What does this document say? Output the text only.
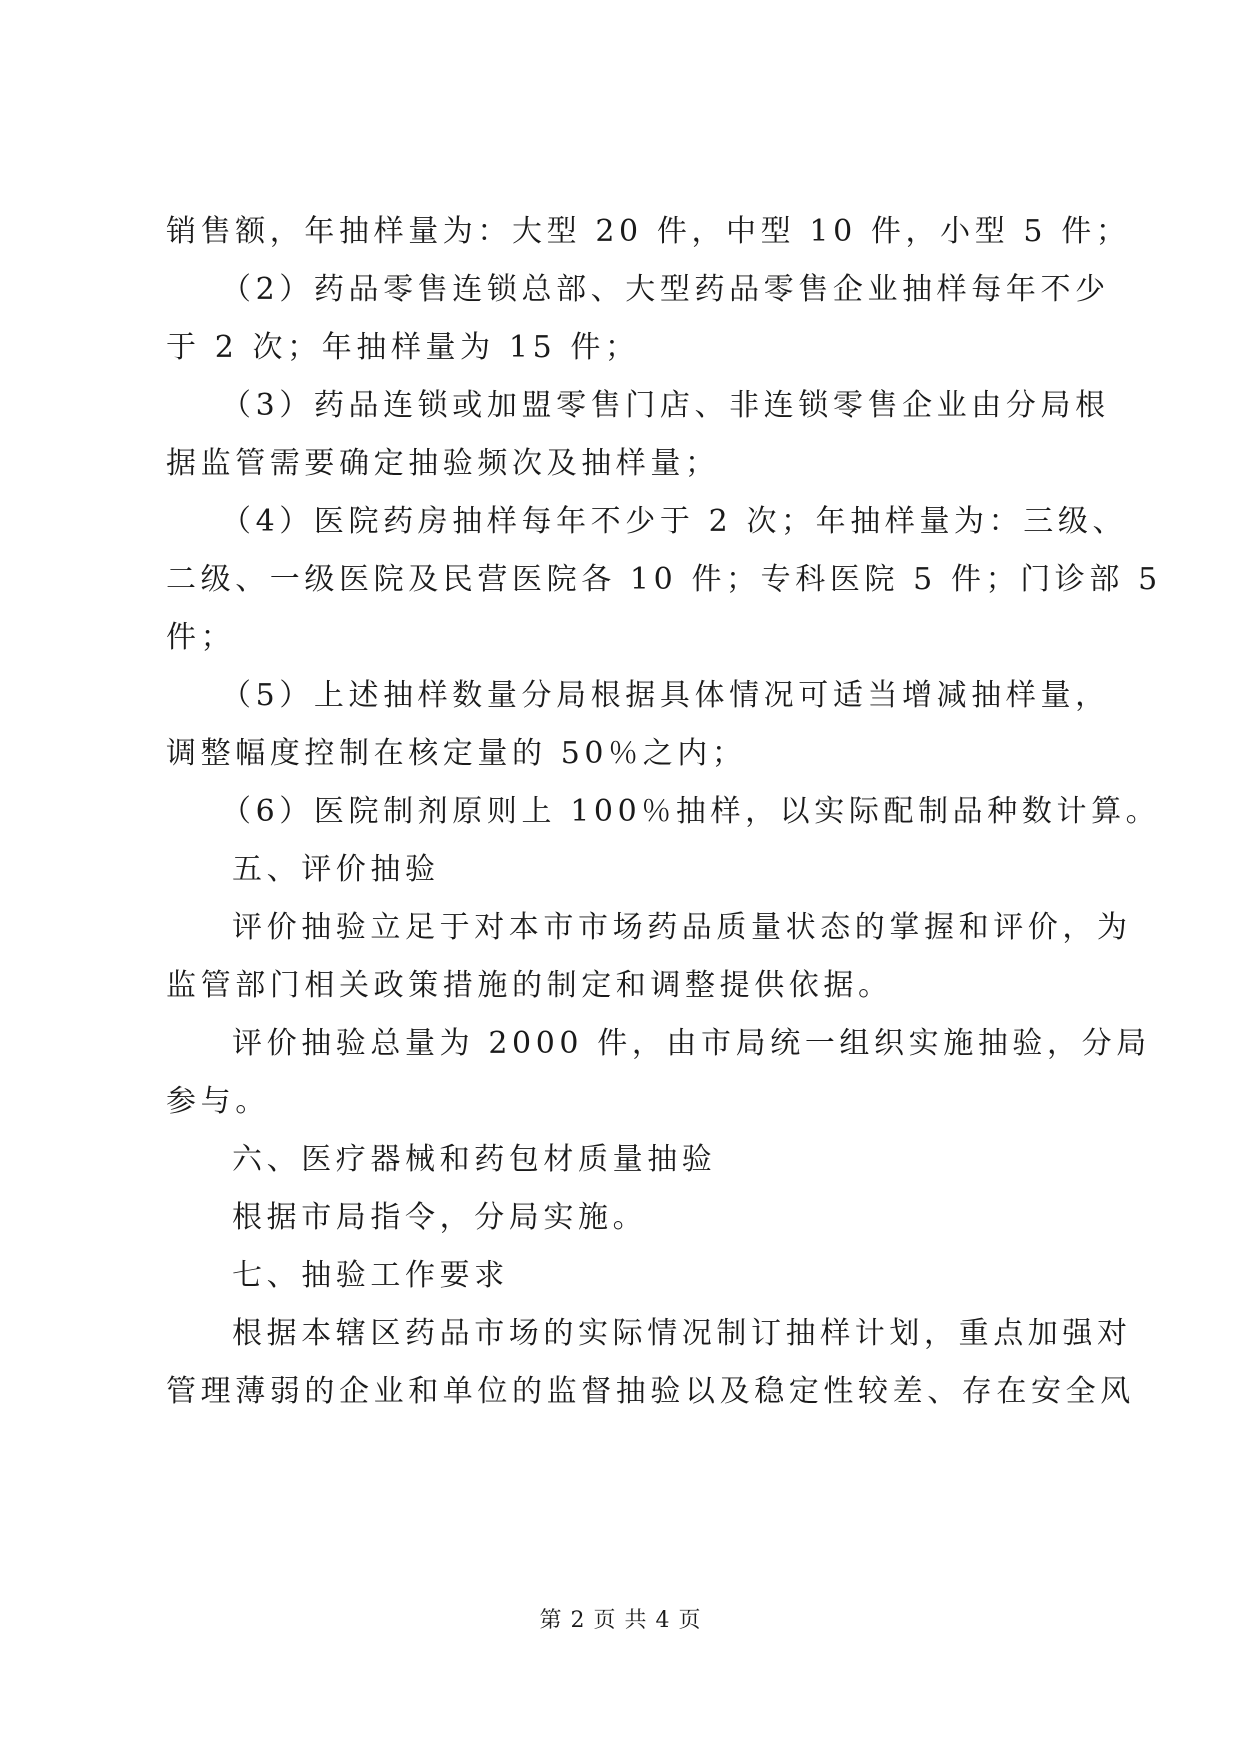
销售额，年抽样量为：大型 20 件，中型 10 件，小型 5 件；
（2）药品零售连锁总部、大型药品零售企业抽样每年不少
于 2 次；年抽样量为 15 件；
（3）药品连锁或加盟零售门店、非连锁零售企业由分局根
据监管需要确定抽验频次及抽样量；
（4）医院药房抽样每年不少于 2 次；年抽样量为：三级、
二级、一级医院及民营医院各 10 件；专科医院 5 件；门诊部 5
件；
（5）上述抽样数量分局根据具体情况可适当增减抽样量，
调整幅度控制在核定量的 50％之内；
（6）医院制剂原则上 100％抽样，以实际配制品种数计算。
五、评价抽验
评价抽验立足于对本市市场药品质量状态的掌握和评价，为
监管部门相关政策措施的制定和调整提供依据。
评价抽验总量为 2000 件，由市局统一组织实施抽验，分局
参与。
六、医疗器械和药包材质量抽验
根据市局指令，分局实施。
七、抽验工作要求
根据本辖区药品市场的实际情况制订抽样计划，重点加强对
管理薄弱的企业和单位的监督抽验以及稳定性较差、存在安全风
第 2 页 共 4 页
